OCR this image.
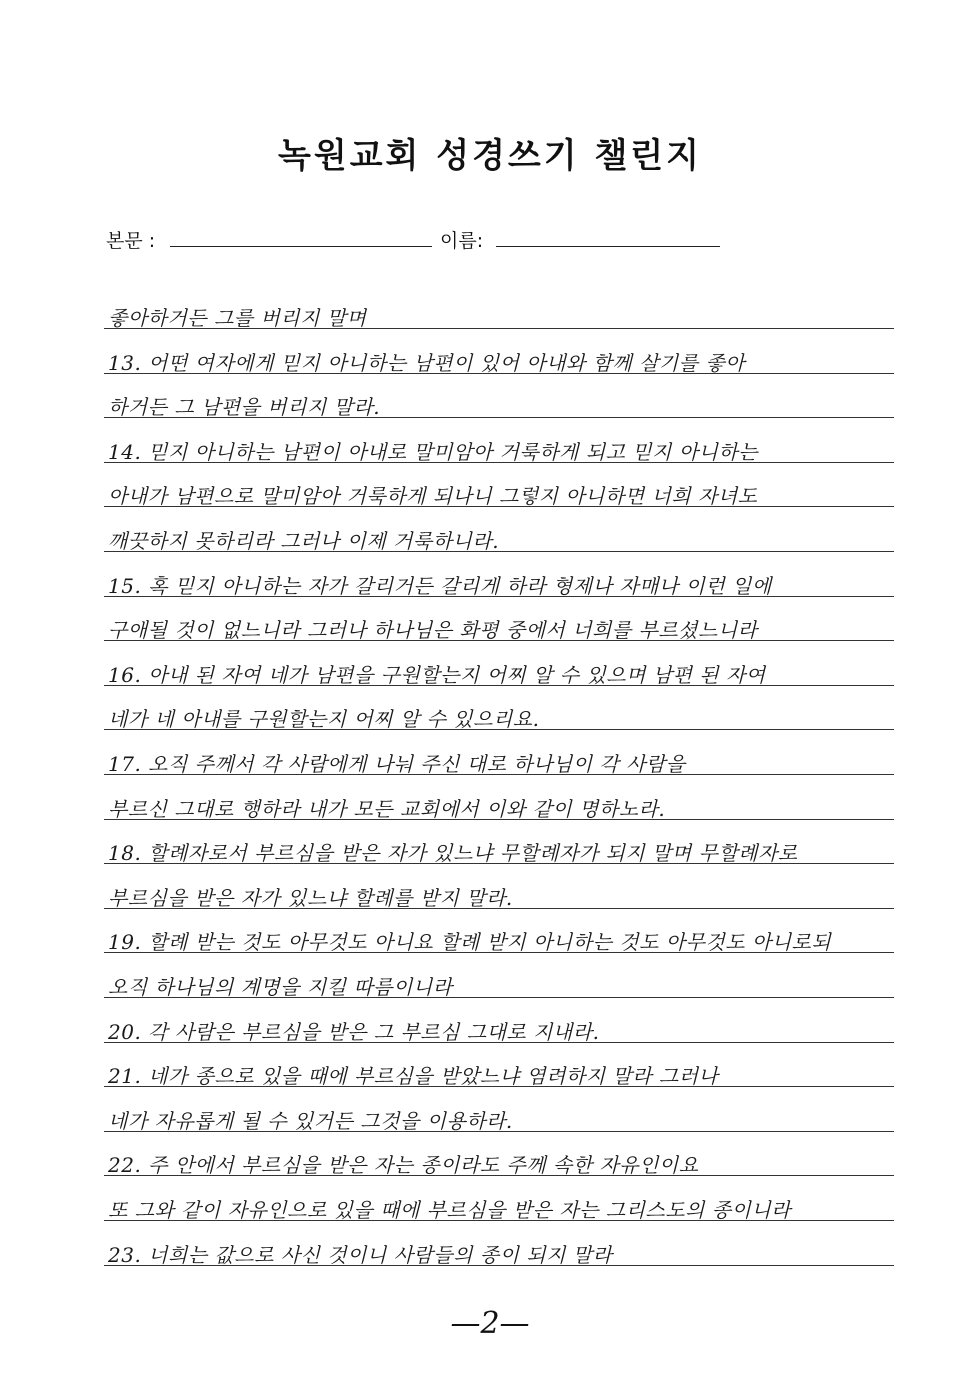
녹원교회 성경쓰기 챌린지
본문 :	이름:
좋아하거든 그를 버리지 말며
13. 어떤 여자에게 믿지 아니하는 남편이 있어 아내와 함께 살기를 좋아
하거든 그 남편을 버리지 말라.
14. 믿지 아니하는 남편이 아내로 말미암아 거룩하게 되고 믿지 아니하는
아내가 남편으로 말미암아 거룩하게 되나니 그렇지 아니하면 너희 자녀도
깨끗하지 못하리라 그러나 이제 거룩하니라.
15. 혹 믿지 아니하는 자가 갈리거든 갈리게 하라 형제나 자매나 이런 일에
구애될 것이 없느니라 그러나 하나님은 화평 중에서 너희를 부르셨느니라
16. 아내 된 자여 네가 남편을 구원할는지 어찌 알 수 있으며 남편 된 자여
네가 네 아내를 구원할는지 어찌 알 수 있으리요.
17. 오직 주께서 각 사람에게 나눠 주신 대로 하나님이 각 사람을
부르신 그대로 행하라 내가 모든 교회에서 이와 같이 명하노라.
18. 할례자로서 부르심을 받은 자가 있느냐 무할례자가 되지 말며 무할례자로
부르심을 받은 자가 있느냐 할례를 받지 말라.
19. 할례 받는 것도 아무것도 아니요 할례 받지 아니하는 것도 아무것도 아니로되
오직 하나님의 계명을 지킬 따름이니라
20. 각 사람은 부르심을 받은 그 부르심 그대로 지내라.
21. 네가 종으로 있을 때에 부르심을 받았느냐 염려하지 말라 그러나
네가 자유롭게 될 수 있거든 그것을 이용하라.
22. 주 안에서 부르심을 받은 자는 종이라도 주께 속한 자유인이요
또 그와 같이 자유인으로 있을 때에 부르심을 받은 자는 그리스도의 종이니라
23. 너희는 값으로 사신 것이니 사람들의 종이 되지 말라
—2—
